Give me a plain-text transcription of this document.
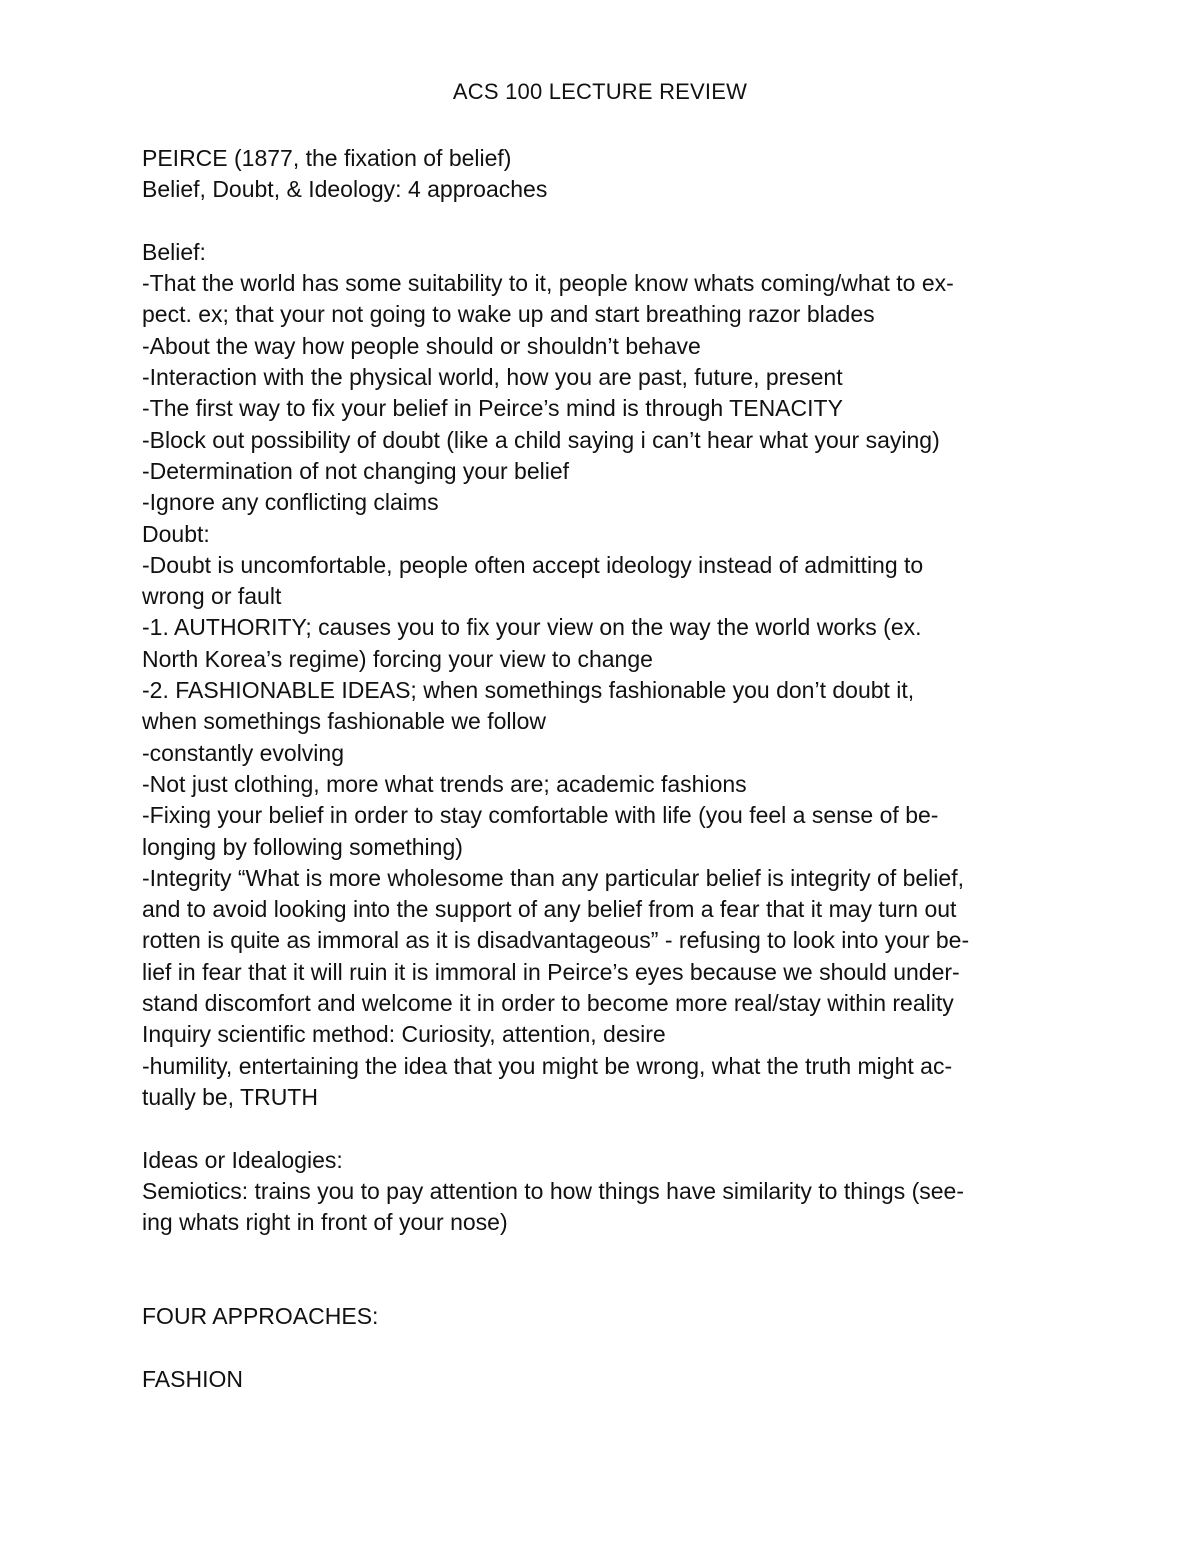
ACS 100 LECTURE REVIEW
PEIRCE (1877, the fixation of belief)
Belief, Doubt, & Ideology: 4 approaches
Belief:
-That the world has some suitability to it, people know whats coming/what to ex-
pect. ex; that your not going to wake up and start breathing razor blades
-About the way how people should or shouldn’t behave
-Interaction with the physical world, how you are past, future, present
-The first way to fix your belief in Peirce’s mind is through TENACITY
-Block out possibility of doubt (like a child saying i can’t hear what your saying)
-Determination of not changing your belief
-Ignore any conflicting claims
Doubt:
-Doubt is uncomfortable, people often accept ideology instead of admitting to
wrong or fault
-1. AUTHORITY; causes you to fix your view on the way the world works (ex.
North Korea’s regime) forcing your view to change
-2. FASHIONABLE IDEAS; when somethings fashionable you don’t doubt it,
when somethings fashionable we follow
-constantly evolving
-Not just clothing, more what trends are; academic fashions
-Fixing your belief in order to stay comfortable with life (you feel a sense of be-
longing by following something)
-Integrity “What is more wholesome than any particular belief is integrity of belief,
and to avoid looking into the support of any belief from a fear that it may turn out
rotten is quite as immoral as it is disadvantageous” - refusing to look into your be-
lief in fear that it will ruin it is immoral in Peirce’s eyes because we should under-
stand discomfort and welcome it in order to become more real/stay within reality
Inquiry scientific method: Curiosity, attention, desire
-humility, entertaining the idea that you might be wrong, what the truth might ac-
tually be, TRUTH
Ideas or Idealogies:
Semiotics: trains you to pay attention to how things have similarity to things (see-
ing whats right in front of your nose)
FOUR APPROACHES:
FASHION
